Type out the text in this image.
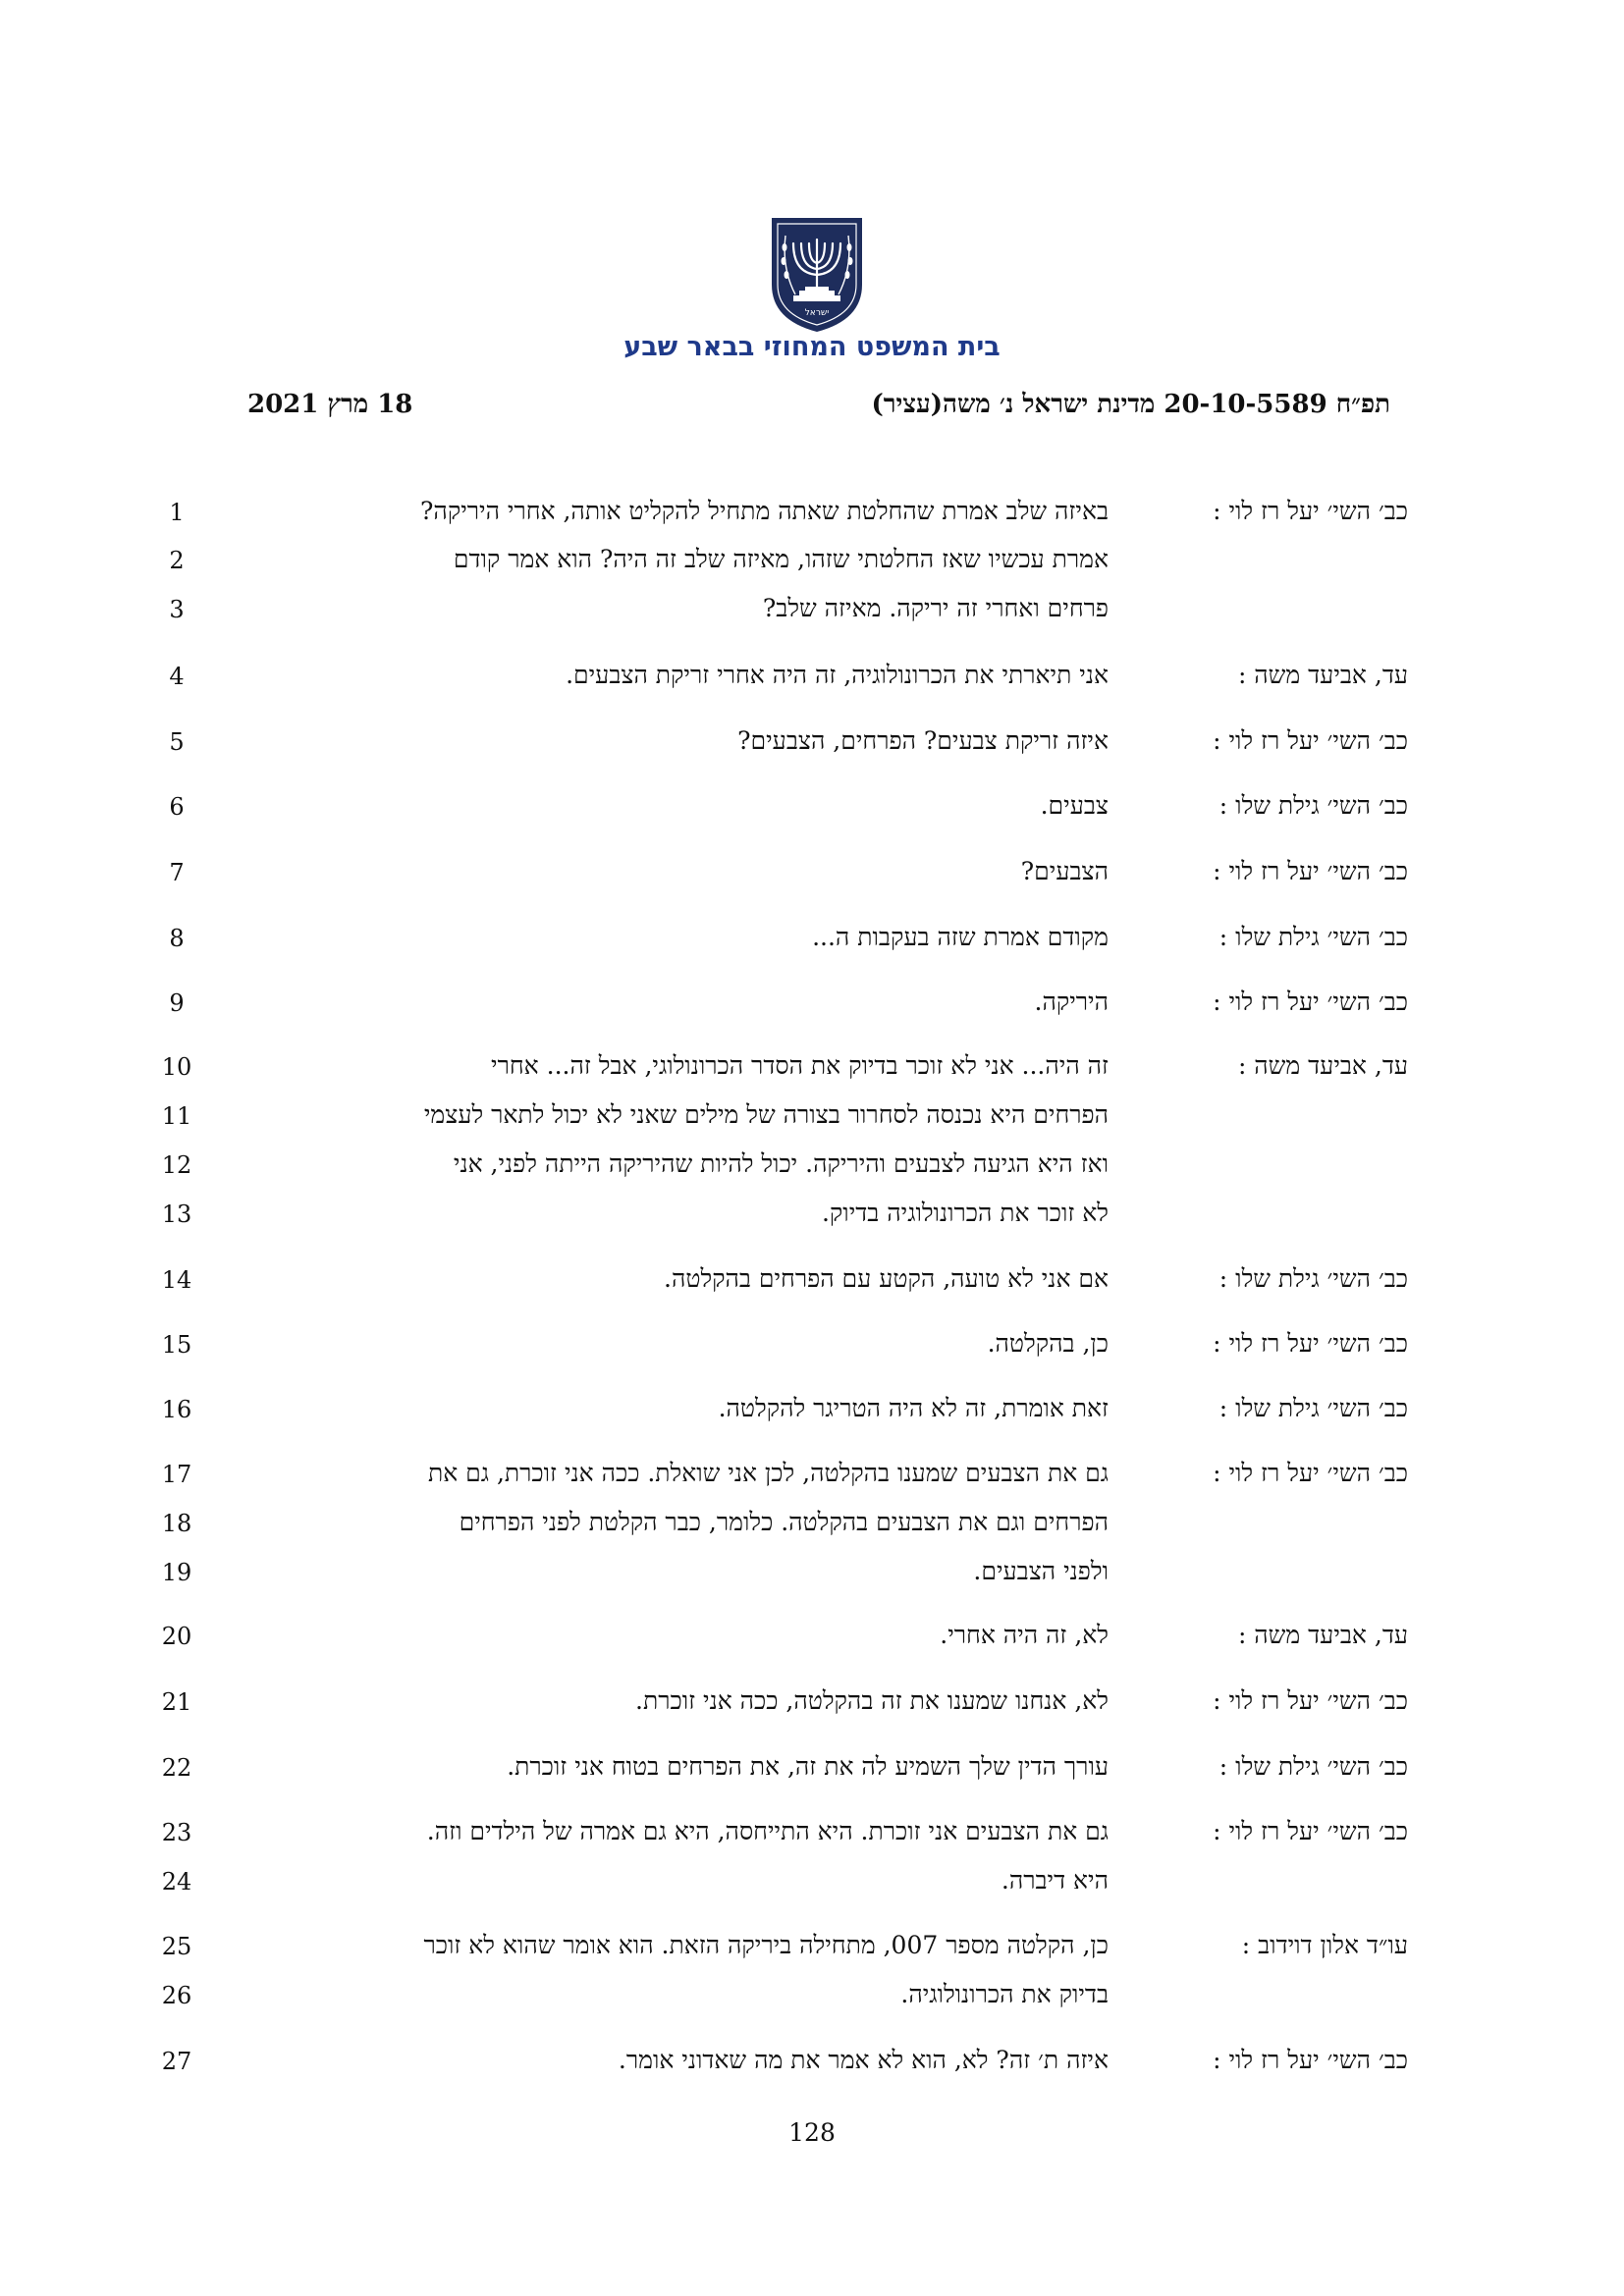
ישראל
בית המשפט המחוזי בבאר שבע
תפ״ח 20-10-5589 מדינת ישראל נ׳ משה(עציר)
18 מרץ 2021
כב׳ השי׳ יעל רז לוי :
1	באיזה שלב אמרת שהחלטת שאתה מתחיל להקליט אותה, אחרי היריקה?
2	אמרת עכשיו שאז החלטתי שזהו, מאיזה שלב זה היה? הוא אמר קודם
3	פרחים ואחרי זה יריקה. מאיזה שלב?
עד, אביעד משה :
4	אני תיארתי את הכרונולוגיה, זה היה אחרי זריקת הצבעים.
כב׳ השי׳ יעל רז לוי :
5	איזה זריקת צבעים? הפרחים, הצבעים?
כב׳ השי׳ גילת שלו :
6	צבעים.
כב׳ השי׳ יעל רז לוי :
7	הצבעים?
כב׳ השי׳ גילת שלו :
8	מקודם אמרת שזה בעקבות ה...
כב׳ השי׳ יעל רז לוי :
9	היריקה.
עד, אביעד משה :
10	זה היה... אני לא זוכר בדיוק את הסדר הכרונולוגי, אבל זה... אחרי
11	הפרחים היא נכנסה לסחרור בצורה של מילים שאני לא יכול לתאר לעצמי
12	ואז היא הגיעה לצבעים והיריקה. יכול להיות שהיריקה הייתה לפני, אני
13	לא זוכר את הכרונולוגיה בדיוק.
כב׳ השי׳ גילת שלו :
14	אם אני לא טועה, הקטע עם הפרחים בהקלטה.
כב׳ השי׳ יעל רז לוי :
15	כן, בהקלטה.
כב׳ השי׳ גילת שלו :
16	זאת אומרת, זה לא היה הטריגר להקלטה.
כב׳ השי׳ יעל רז לוי :
17	גם את הצבעים שמענו בהקלטה, לכן אני שואלת. ככה אני זוכרת, גם את
18	הפרחים וגם את הצבעים בהקלטה. כלומר, כבר הקלטת לפני הפרחים
19	ולפני הצבעים.
עד, אביעד משה :
20	לא, זה היה אחרי.
כב׳ השי׳ יעל רז לוי :
21	לא, אנחנו שמענו את זה בהקלטה, ככה אני זוכרת.
כב׳ השי׳ גילת שלו :
22	עורך הדין שלך השמיע לה את זה, את הפרחים בטוח אני זוכרת.
כב׳ השי׳ יעל רז לוי :
23	גם את הצבעים אני זוכרת. היא התייחסה, היא גם אמרה של הילדים וזה.
24	היא דיברה.
עו״ד אלון דוידוב :
25	כן, הקלטה מספר 007, מתחילה ביריקה הזאת. הוא אומר שהוא לא זוכר
26	בדיוק את הכרונולוגיה.
כב׳ השי׳ יעל רז לוי :
27	איזה ת׳ זה? לא, הוא לא אמר את מה שאדוני אומר.
128
